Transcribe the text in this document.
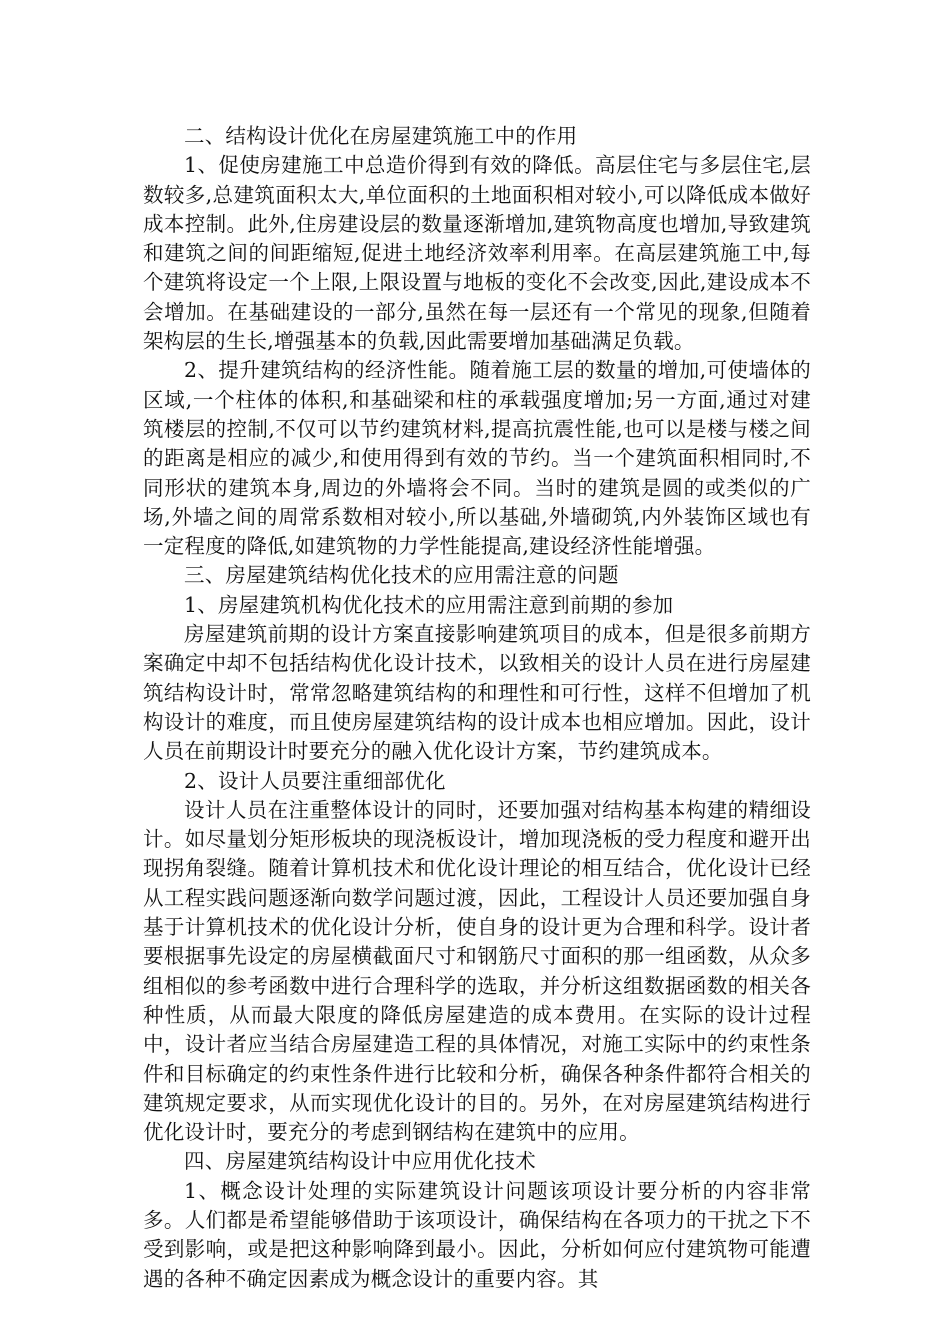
二、结构设计优化在房屋建筑施工中的作用

1、促使房建施工中总造价得到有效的降低。高层住宅与多层住宅,层数较多,总建筑面积太大,单位面积的土地面积相对较小,可以降低成本做好成本控制。此外,住房建设层的数量逐渐增加,建筑物高度也增加,导致建筑和建筑之间的间距缩短,促进土地经济效率利用率。在高层建筑施工中,每个建筑将设定一个上限,上限设置与地板的变化不会改变,因此,建设成本不会增加。在基础建设的一部分,虽然在每一层还有一个常见的现象,但随着架构层的生长,增强基本的负载,因此需要增加基础满足负载。

2、提升建筑结构的经济性能。随着施工层的数量的增加,可使墙体的区域,一个柱体的体积,和基础梁和柱的承载强度增加;另一方面,通过对建筑楼层的控制,不仅可以节约建筑材料,提高抗震性能,也可以是楼与楼之间的距离是相应的减少,和使用得到有效的节约。当一个建筑面积相同时,不同形状的建筑本身,周边的外墙将会不同。当时的建筑是圆的或类似的广场,外墙之间的周常系数相对较小,所以基础,外墙砌筑,内外装饰区域也有一定程度的降低,如建筑物的力学性能提高,建设经济性能增强。

三、房屋建筑结构优化技术的应用需注意的问题

1、房屋建筑机构优化技术的应用需注意到前期的参加

房屋建筑前期的设计方案直接影响建筑项目的成本，但是很多前期方案确定中却不包括结构优化设计技术，以致相关的设计人员在进行房屋建筑结构设计时，常常忽略建筑结构的和理性和可行性，这样不但增加了机构设计的难度，而且使房屋建筑结构的设计成本也相应增加。因此，设计人员在前期设计时要充分的融入优化设计方案，节约建筑成本。

2、设计人员要注重细部优化

设计人员在注重整体设计的同时，还要加强对结构基本构建的精细设计。如尽量划分矩形板块的现浇板设计，增加现浇板的受力程度和避开出现拐角裂缝。随着计算机技术和优化设计理论的相互结合，优化设计已经从工程实践问题逐渐向数学问题过渡，因此，工程设计人员还要加强自身基于计算机技术的优化设计分析，使自身的设计更为合理和科学。设计者要根据事先设定的房屋横截面尺寸和钢筋尺寸面积的那一组函数，从众多组相似的参考函数中进行合理科学的选取，并分析这组数据函数的相关各种性质，从而最大限度的降低房屋建造的成本费用。在实际的设计过程中，设计者应当结合房屋建造工程的具体情况，对施工实际中的约束性条件和目标确定的约束性条件进行比较和分析，确保各种条件都符合相关的建筑规定要求，从而实现优化设计的目的。另外，在对房屋建筑结构进行优化设计时，要充分的考虑到钢结构在建筑中的应用。

四、房屋建筑结构设计中应用优化技术

1、概念设计处理的实际建筑设计问题该项设计要分析的内容非常多。人们都是希望能够借助于该项设计，确保结构在各项力的干扰之下不受到影响，或是把这种影响降到最小。因此，分析如何应付建筑物可能遭遇的各种不确定因素成为概念设计的重要内容。其
